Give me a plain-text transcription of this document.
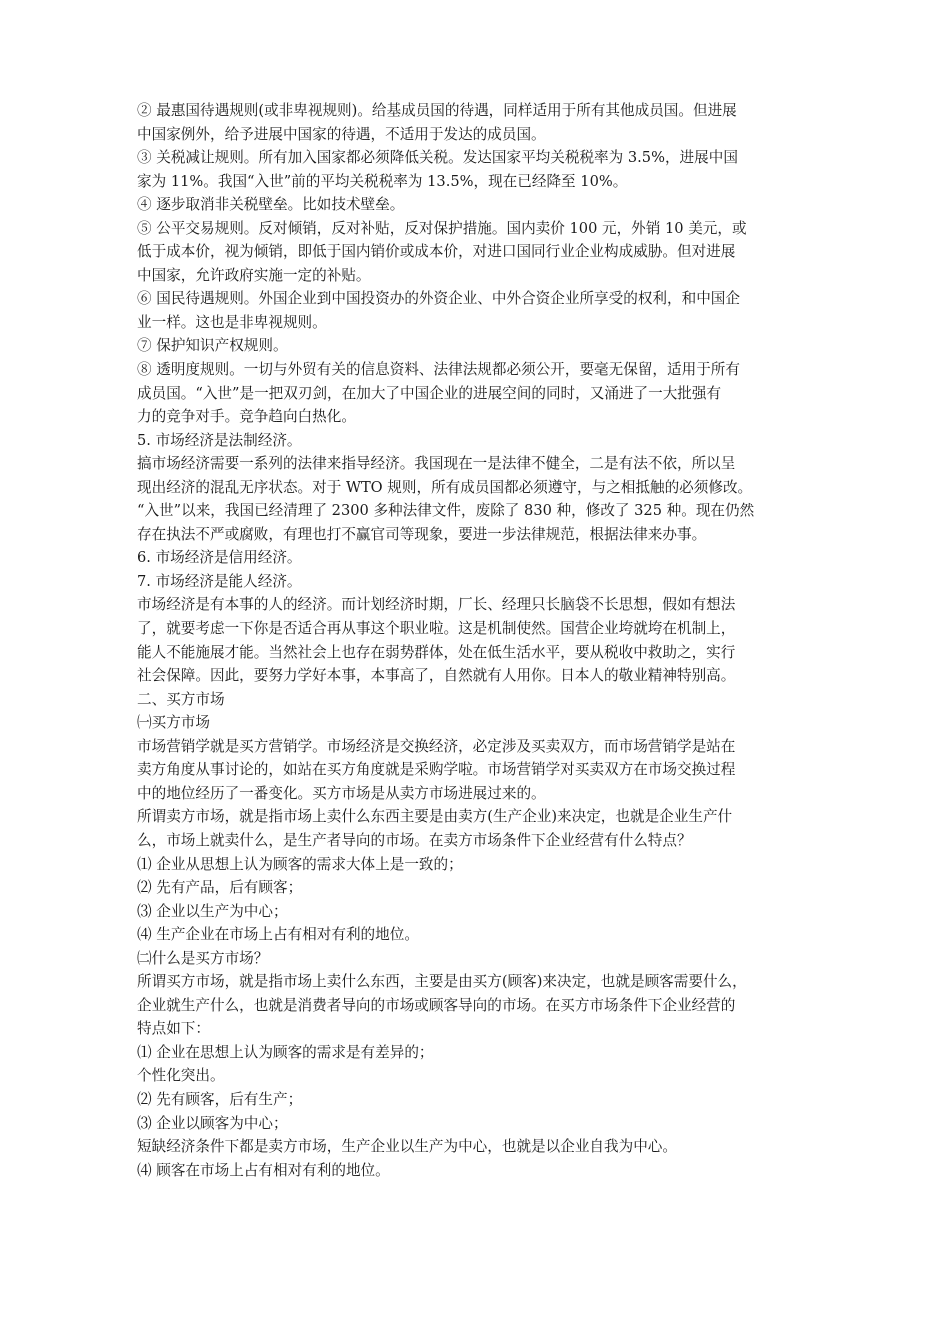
② 最惠国待遇规则(或非卑视规则)。给基成员国的待遇，同样适用于所有其他成员国。但进展
中国家例外，给予进展中国家的待遇，不适用于发达的成员国。
③ 关税减让规则。所有加入国家都必须降低关税。发达国家平均关税税率为 3.5%，进展中国
家为 11%。我国“入世”前的平均关税税率为 13.5%，现在已经降至 10%。
④ 逐步取消非关税壁垒。比如技术壁垒。
⑤ 公平交易规则。反对倾销，反对补贴，反对保护措施。国内卖价 100 元，外销 10 美元，或
低于成本价，视为倾销，即低于国内销价或成本价，对进口国同行业企业构成威胁。但对进展
中国家，允许政府实施一定的补贴。
⑥ 国民待遇规则。外国企业到中国投资办的外资企业、中外合资企业所享受的权利，和中国企
业一样。这也是非卑视规则。
⑦ 保护知识产权规则。
⑧ 透明度规则。一切与外贸有关的信息资料、法律法规都必须公开，要毫无保留，适用于所有
成员国。“入世”是一把双刃剑，在加大了中国企业的进展空间的同时，又涌进了一大批强有
力的竞争对手。竞争趋向白热化。
5. 市场经济是法制经济。
搞市场经济需要一系列的法律来指导经济。我国现在一是法律不健全，二是有法不依，所以呈
现出经济的混乱无序状态。对于 WTO 规则，所有成员国都必须遵守，与之相抵触的必须修改。
“入世”以来，我国已经清理了 2300 多种法律文件，废除了 830 种，修改了 325 种。现在仍然
存在执法不严或腐败，有理也打不赢官司等现象，要进一步法律规范，根据法律来办事。
6. 市场经济是信用经济。
7. 市场经济是能人经济。
市场经济是有本事的人的经济。而计划经济时期，厂长、经理只长脑袋不长思想，假如有想法
了，就要考虑一下你是否适合再从事这个职业啦。这是机制使然。国营企业垮就垮在机制上，
能人不能施展才能。当然社会上也存在弱势群体，处在低生活水平，要从税收中救助之，实行
社会保障。因此，要努力学好本事，本事高了，自然就有人用你。日本人的敬业精神特别高。
二、买方市场
㈠买方市场
市场营销学就是买方营销学。市场经济是交换经济，必定涉及买卖双方，而市场营销学是站在
卖方角度从事讨论的，如站在买方角度就是采购学啦。市场营销学对买卖双方在市场交换过程
中的地位经历了一番变化。买方市场是从卖方市场进展过来的。
所谓卖方市场，就是指市场上卖什么东西主要是由卖方(生产企业)来决定，也就是企业生产什
么，市场上就卖什么，是生产者导向的市场。在卖方市场条件下企业经营有什么特点？
⑴ 企业从思想上认为顾客的需求大体上是一致的；
⑵ 先有产品，后有顾客；
⑶ 企业以生产为中心；
⑷ 生产企业在市场上占有相对有利的地位。
㈡什么是买方市场？
所谓买方市场，就是指市场上卖什么东西，主要是由买方(顾客)来决定，也就是顾客需要什么，
企业就生产什么，也就是消费者导向的市场或顾客导向的市场。在买方市场条件下企业经营的
特点如下：
⑴ 企业在思想上认为顾客的需求是有差异的；
个性化突出。
⑵ 先有顾客，后有生产；
⑶ 企业以顾客为中心；
短缺经济条件下都是卖方市场，生产企业以生产为中心，也就是以企业自我为中心。
⑷ 顾客在市场上占有相对有利的地位。
